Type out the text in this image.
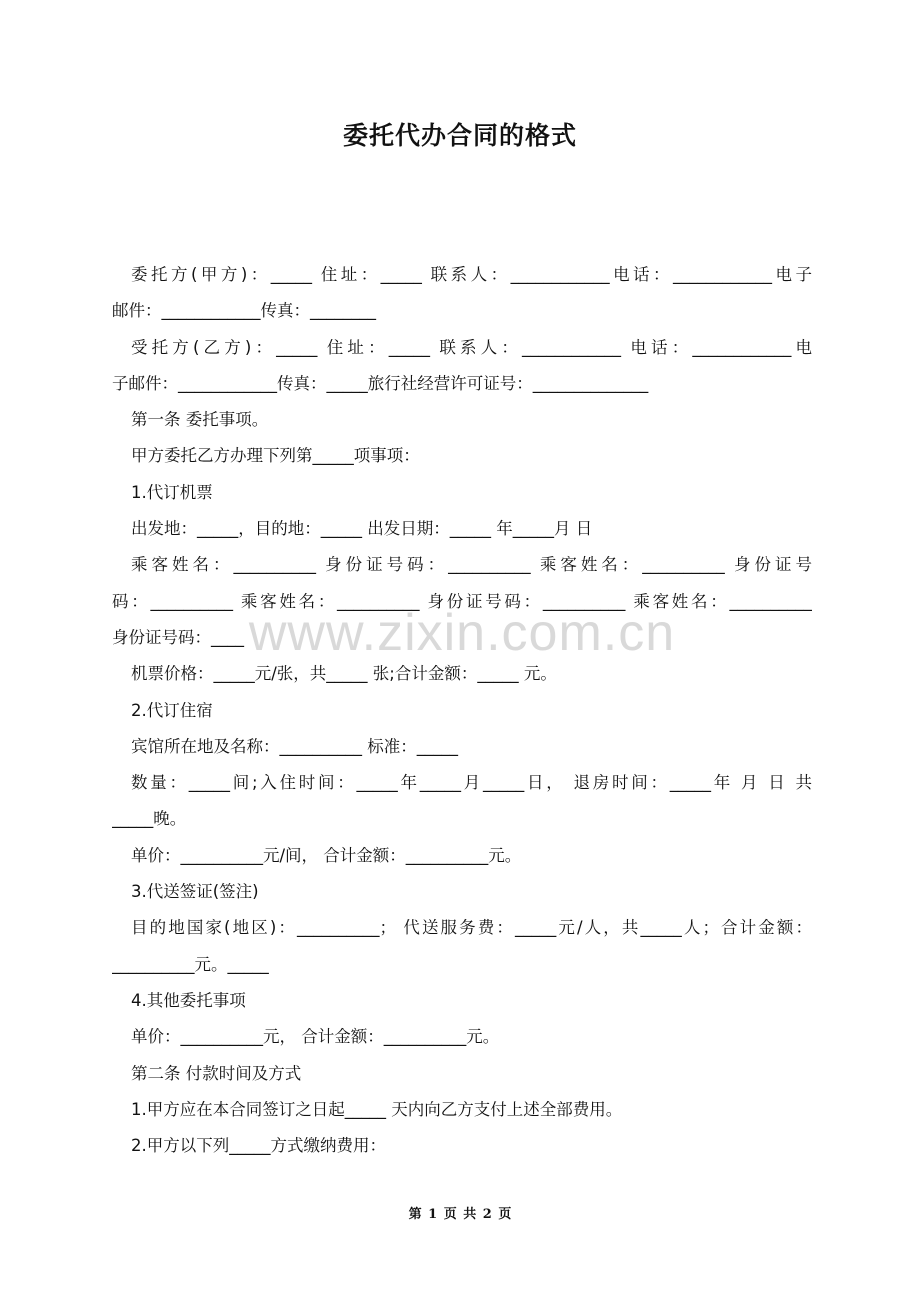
委托代办合同的格式
委托方(甲方)：_____ 住址：_____ 联系人：____________电话：____________电子
邮件：____________传真：________
受托方(乙方)：_____ 住址：_____ 联系人：____________ 电话：____________电
子邮件：____________传真：_____旅行社经营许可证号：______________
第一条 委托事项。
甲方委托乙方办理下列第_____项事项：
1.代订机票
出发地：_____，目的地：_____ 出发日期：_____ 年_____月 日
乘客姓名：__________ 身份证号码：__________ 乘客姓名：__________ 身份证号
码：__________ 乘客姓名：__________ 身份证号码：__________ 乘客姓名：__________
身份证号码：____
机票价格：_____元/张，共_____ 张;合计金额：_____ 元。
2.代订住宿
宾馆所在地及名称：__________ 标准：_____
数量：_____间;入住时间：_____年_____月_____日， 退房时间：_____年 月 日 共
_____晚。
单价：__________元/间， 合计金额：__________元。
3.代送签证(签注)
目的地国家(地区)：__________； 代送服务费：_____元/人，共_____人；合计金额：
__________元。_____
4.其他委托事项
单价：__________元， 合计金额：__________元。
第二条 付款时间及方式
1.甲方应在本合同签订之日起_____ 天内向乙方支付上述全部费用。
2.甲方以下列_____方式缴纳费用：
www.zixin.com.cn
第 1 页 共 2 页
